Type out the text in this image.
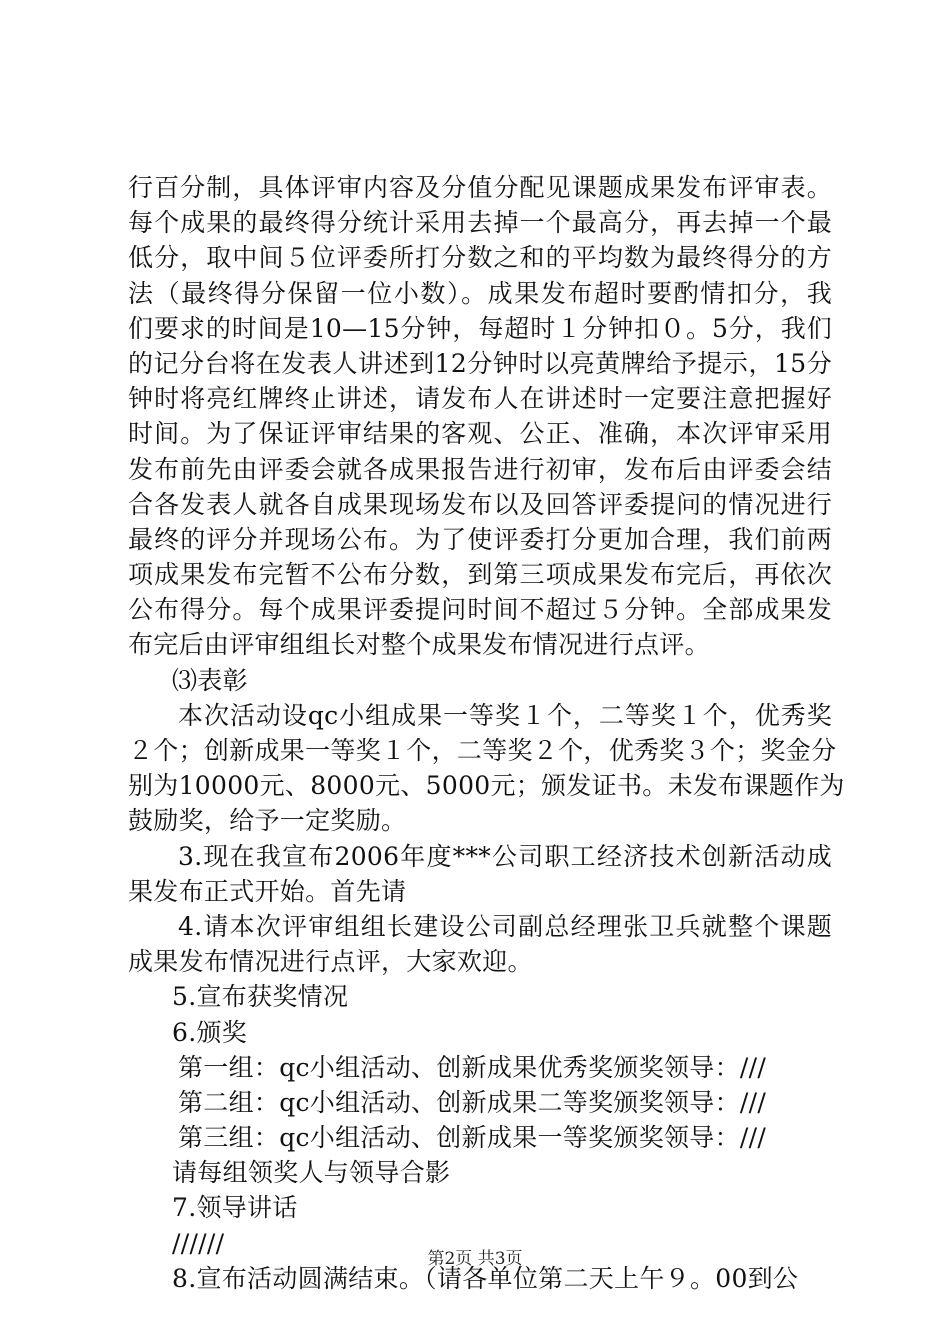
行百分制，具体评审内容及分值分配见课题成果发布评审表。
每个成果的最终得分统计采用去掉一个最高分，再去掉一个最
低分，取中间５位评委所打分数之和的平均数为最终得分的方
法（最终得分保留一位小数）。成果发布超时要酌情扣分，我
们要求的时间是10—15分钟，每超时１分钟扣０。5分，我们
的记分台将在发表人讲述到12分钟时以亮黄牌给予提示，15分
钟时将亮红牌终止讲述，请发布人在讲述时一定要注意把握好
时间。为了保证评审结果的客观、公正、准确，本次评审采用
发布前先由评委会就各成果报告进行初审，发布后由评委会结
合各发表人就各自成果现场发布以及回答评委提问的情况进行
最终的评分并现场公布。为了使评委打分更加合理，我们前两
项成果发布完暂不公布分数，到第三项成果发布完后，再依次
公布得分。每个成果评委提问时间不超过５分钟。全部成果发
布完后由评审组组长对整个成果发布情况进行点评。
⑶表彰
本次活动设qc小组成果一等奖１个，二等奖１个，优秀奖
２个；创新成果一等奖１个，二等奖２个，优秀奖３个；奖金分
别为10000元、8000元、5000元；颁发证书。未发布课题作为
鼓励奖，给予一定奖励。
3.现在我宣布2006年度***公司职工经济技术创新活动成
果发布正式开始。首先请
4.请本次评审组组长建设公司副总经理张卫兵就整个课题
成果发布情况进行点评，大家欢迎。
5.宣布获奖情况
6.颁奖
第一组：qc小组活动、创新成果优秀奖颁奖领导：///
第二组：qc小组活动、创新成果二等奖颁奖领导：///
第三组：qc小组活动、创新成果一等奖颁奖领导：///
请每组领奖人与领导合影
7.领导讲话
//////
8.宣布活动圆满结束。（请各单位第二天上午９。00到公
第2页 共3页
